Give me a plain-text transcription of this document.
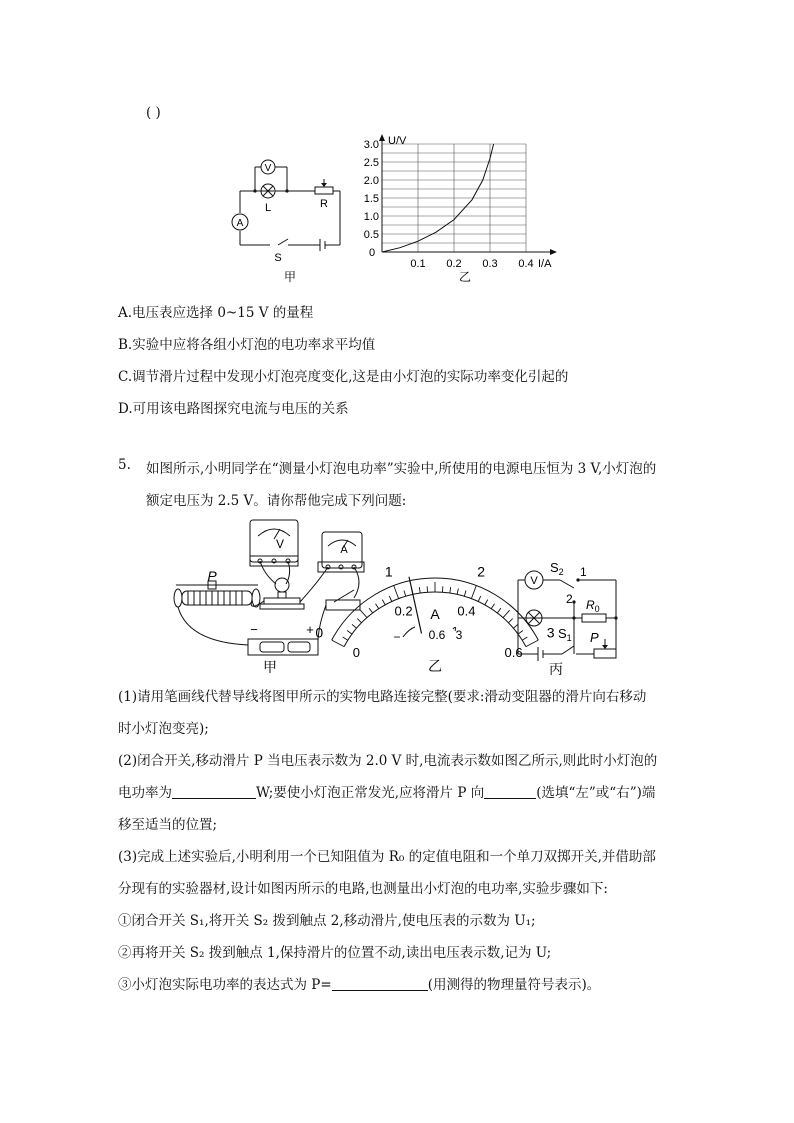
( )
V
A
L	R
S
甲
U/V
I/A
0
0.1 0.2 0.3 0.4
0.5
1.0
1.5
2.0
2.5
3.0
乙
A.电压表应选择 0~15 V 的量程
B.实验中应将各组小灯泡的电功率求平均值
C.调节滑片过程中发现小灯泡亮度变化,这是由小灯泡的实际功率变化引起的
D.可用该电路图探究电流与电压的关系
5. 如图所示,小明同学在“测量小灯泡电功率”实验中,所使用的电源电压恒为 3 V,小灯泡的
额定电压为 2.5 V。请你帮他完成下列问题:
P
V	A
−	+
甲
0
1	2
3
0
0.2	0.4
0.6
A
− 0.6 3
乙
V
$S_2$ 1
2 $R_0$
$S_1$ P
丙
(1)请用笔画线代替导线将图甲所示的实物电路连接完整(要求:滑动变阻器的滑片向右移动
时小灯泡变亮);
(2)闭合开关,移动滑片 P 当电压表示数为 2.0 V 时,电流表示数如图乙所示,则此时小灯泡的
电功率为	W;要使小灯泡正常发光,应将滑片 P 向	(选填“左”或“右”)端
移至适当的位置;
(3)完成上述实验后,小明利用一个已知阻值为 R₀ 的定值电阻和一个单刀双掷开关,并借助部
分现有的实验器材,设计如图丙所示的电路,也测量出小灯泡的电功率,实验步骤如下:
①闭合开关 S₁,将开关 S₂ 拨到触点 2,移动滑片,使电压表的示数为 U₁;
②再将开关 S₂ 拨到触点 1,保持滑片的位置不动,读出电压表示数,记为 U;
③小灯泡实际电功率的表达式为 P=	(用测得的物理量符号表示)。
